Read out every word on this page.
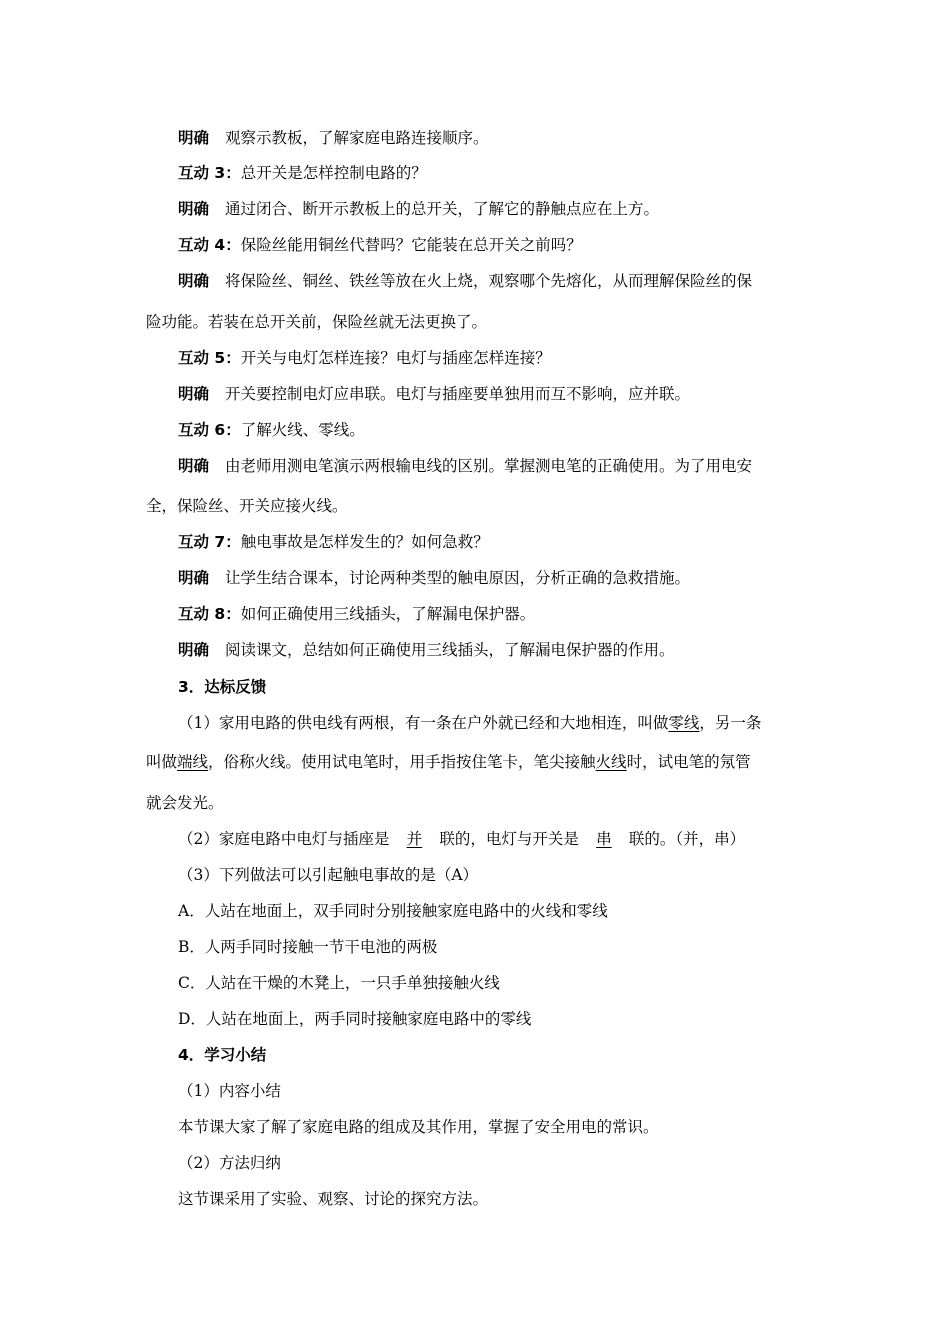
明确 观察示教板，了解家庭电路连接顺序。
互动 3：总开关是怎样控制电路的？
明确 通过闭合、断开示教板上的总开关，了解它的静触点应在上方。
互动 4：保险丝能用铜丝代替吗？它能装在总开关之前吗？
明确 将保险丝、铜丝、铁丝等放在火上烧，观察哪个先熔化，从而理解保险丝的保
险功能。若装在总开关前，保险丝就无法更换了。
互动 5：开关与电灯怎样连接？电灯与插座怎样连接？
明确 开关要控制电灯应串联。电灯与插座要单独用而互不影响，应并联。
互动 6：了解火线、零线。
明确 由老师用测电笔演示两根输电线的区别。掌握测电笔的正确使用。为了用电安
全，保险丝、开关应接火线。
互动 7：触电事故是怎样发生的？如何急救？
明确 让学生结合课本，讨论两种类型的触电原因，分析正确的急救措施。
互动 8：如何正确使用三线插头，了解漏电保护器。
明确 阅读课文，总结如何正确使用三线插头，了解漏电保护器的作用。
3．达标反馈
（1）家用电路的供电线有两根，有一条在户外就已经和大地相连，叫做零线，另一条
叫做端线，俗称火线。使用试电笔时，用手指按住笔卡，笔尖接触火线时，试电笔的氖管
就会发光。
（2）家庭电路中电灯与插座是 并 联的，电灯与开关是 串 联的。（并，串）
（3）下列做法可以引起触电事故的是（A）
A．人站在地面上，双手同时分别接触家庭电路中的火线和零线
B．人两手同时接触一节干电池的两极
C．人站在干燥的木凳上，一只手单独接触火线
D．人站在地面上，两手同时接触家庭电路中的零线
4．学习小结
（1）内容小结
本节课大家了解了家庭电路的组成及其作用，掌握了安全用电的常识。
（2）方法归纳
这节课采用了实验、观察、讨论的探究方法。
